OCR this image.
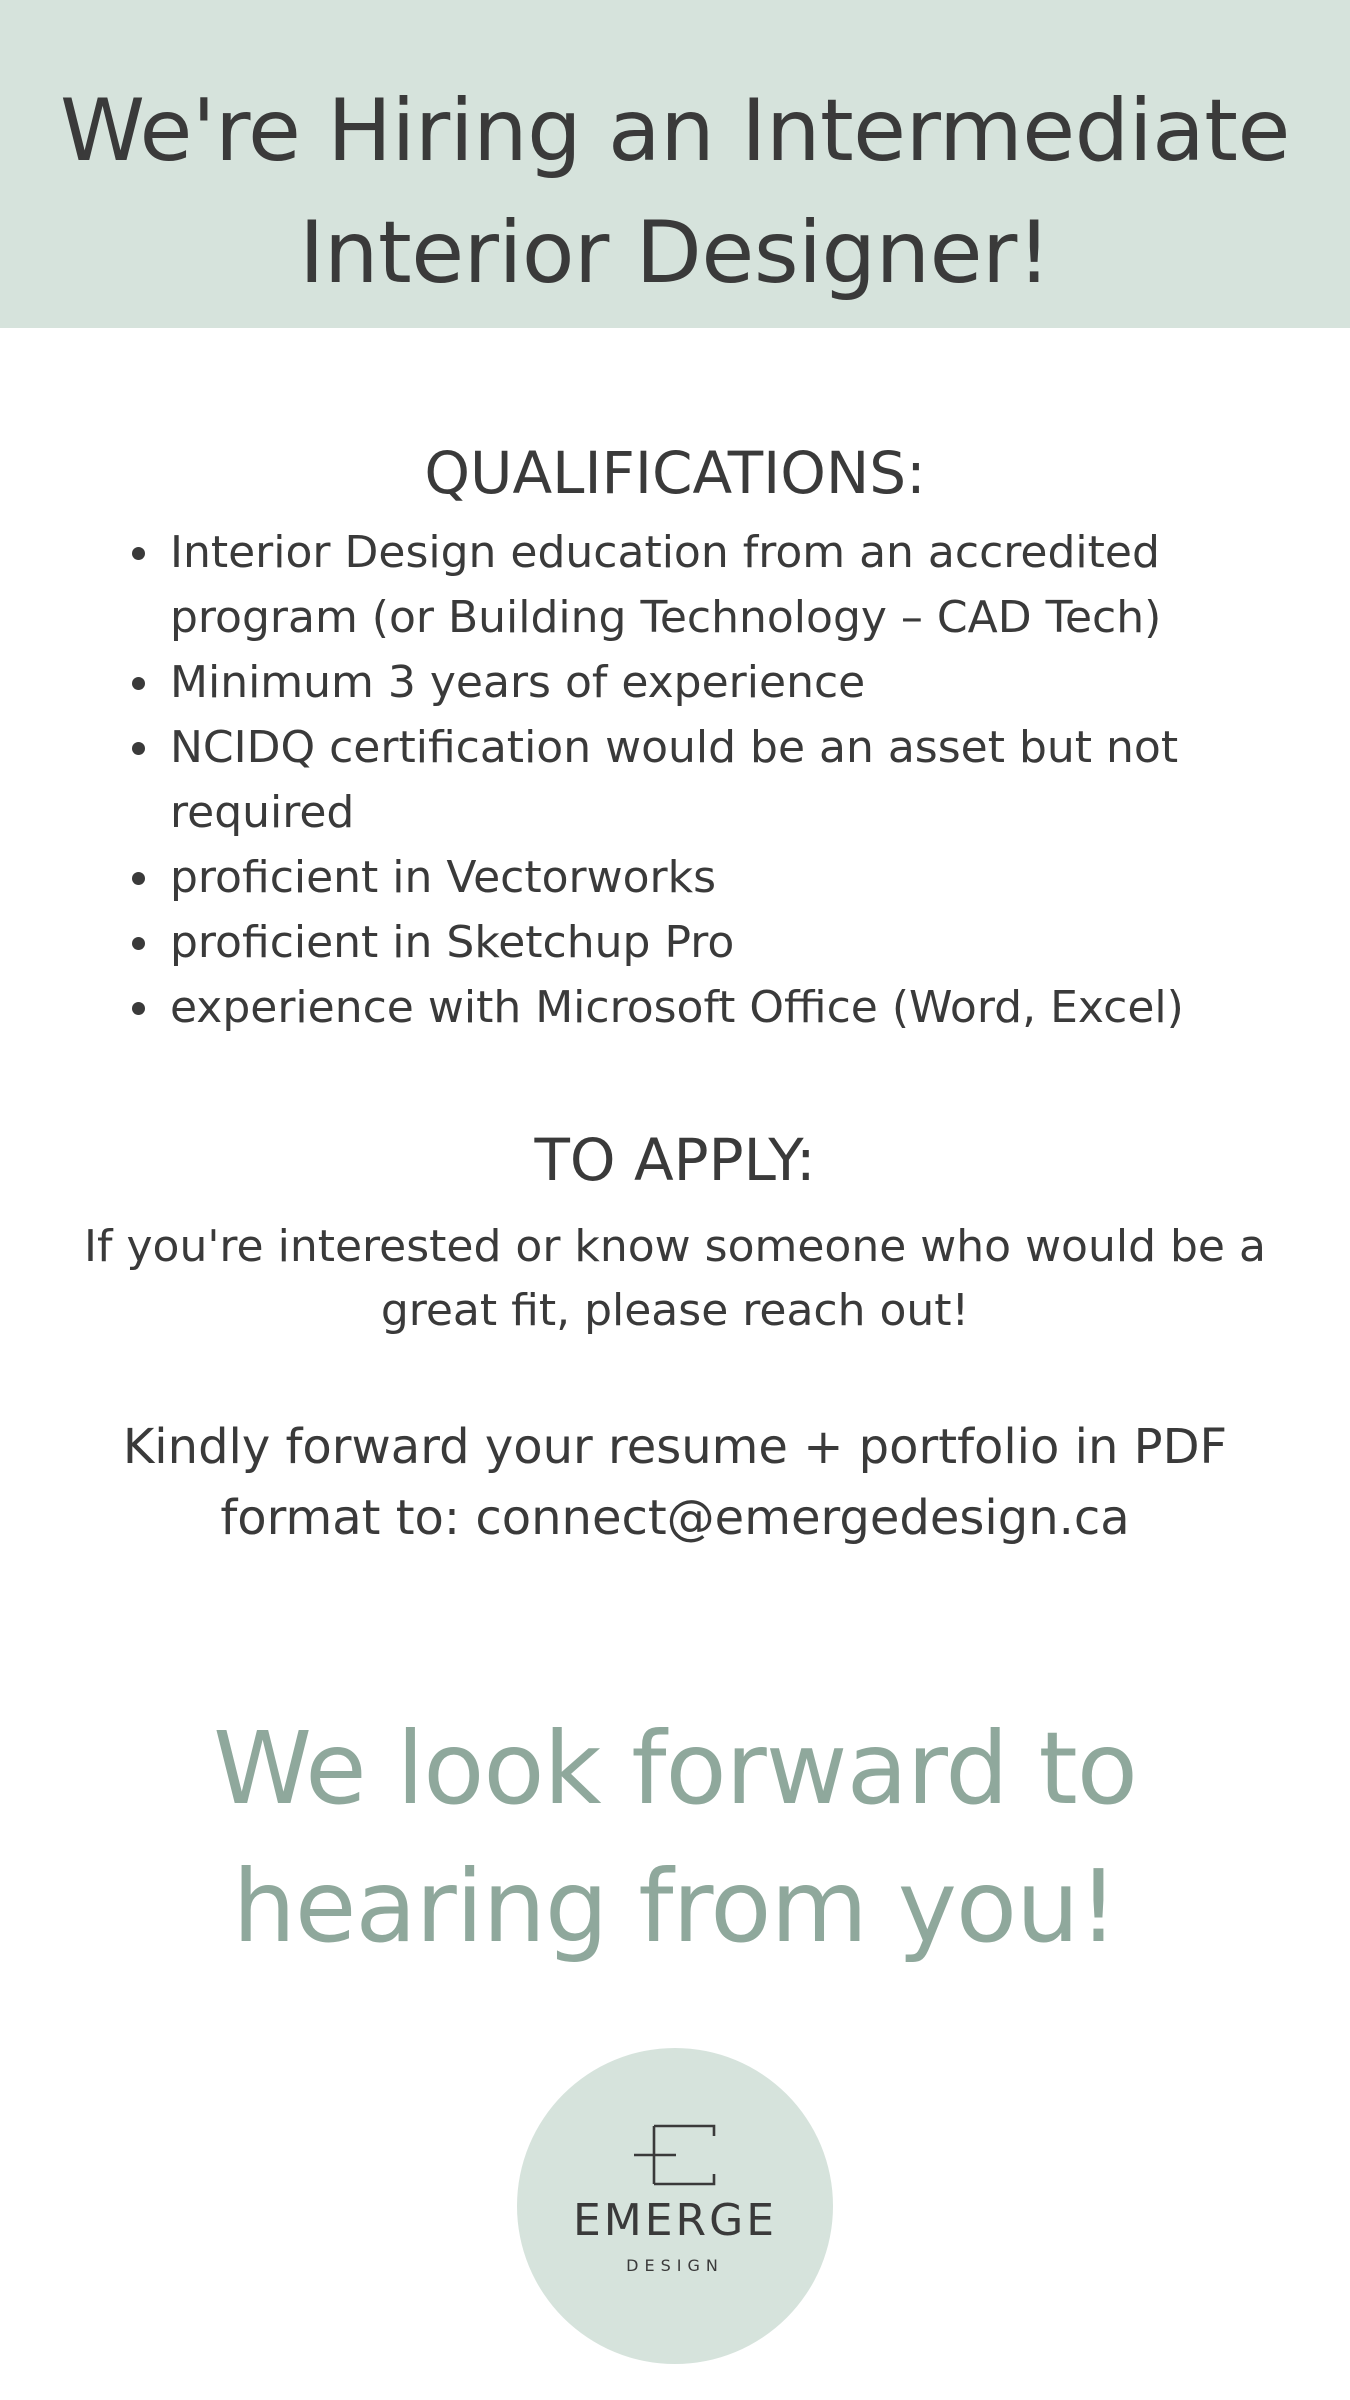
We're Hiring an Intermediate
Interior Designer!
QUALIFICATIONS:
Interior Design education from an accredited
program (or Building Technology – CAD Tech)
Minimum 3 years of experience
NCIDQ certification would be an asset but not
required
proficient in Vectorworks
proficient in Sketchup Pro
experience with Microsoft Office (Word, Excel)
TO APPLY:

If you're interested or know someone who would be a
great fit, please reach out!

Kindly forward your resume + portfolio in PDF
format to: connect@emergedesign.ca

We look forward to
hearing from you!

EMERGE
DESIGN
